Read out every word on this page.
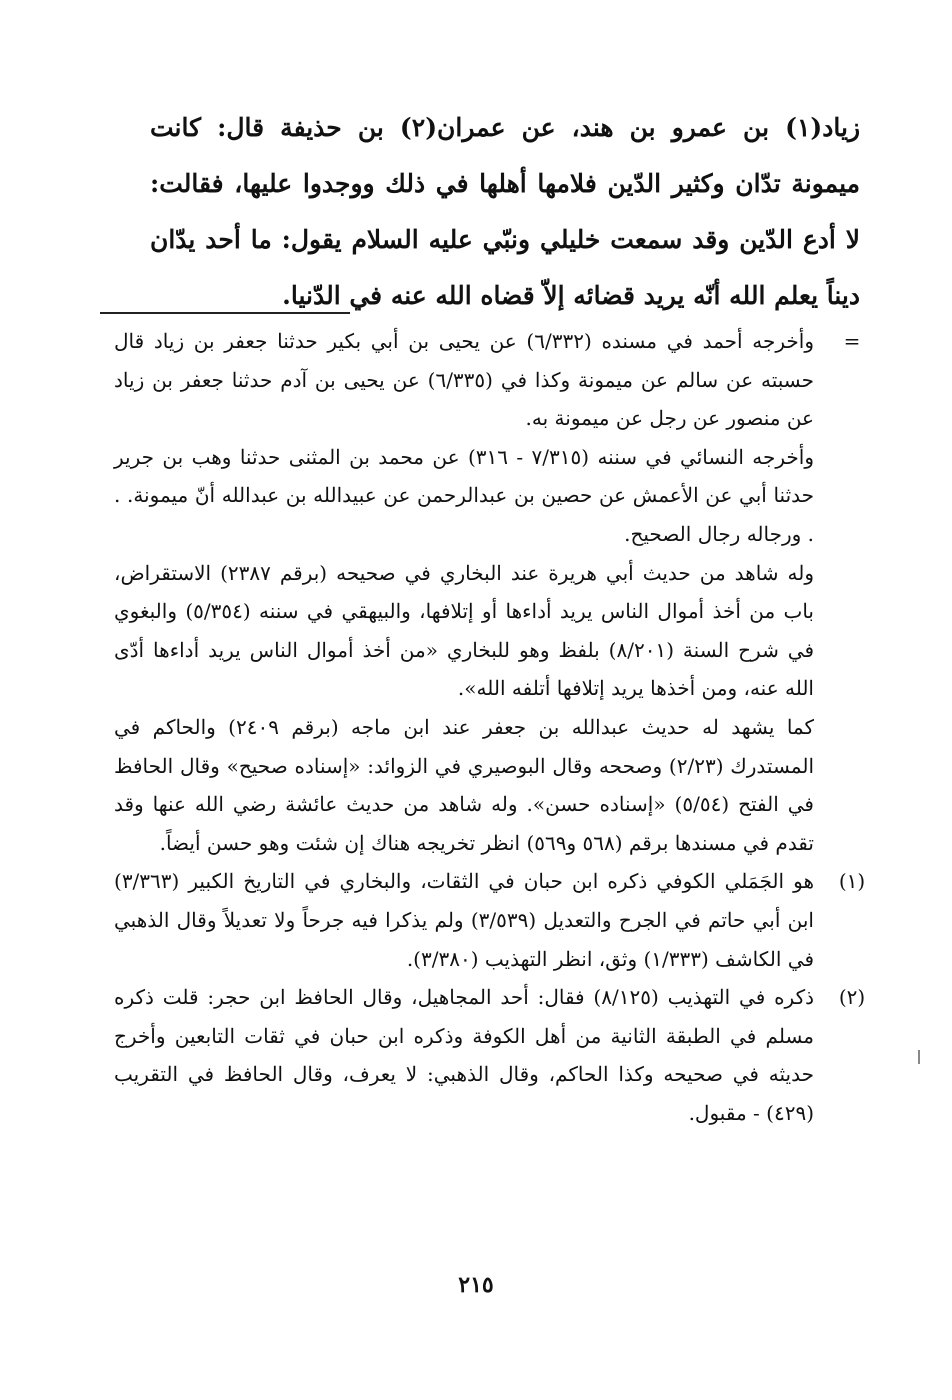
زياد(١) بن عمرو بن هند، عن عمران(٢) بن حذيفة قال: كانت ميمونة تدّان وكثير الدّين فلامها أهلها في ذلك ووجدوا عليها، فقالت: لا أدع الدّين وقد سمعت خليلي ونبّي عليه السلام يقول: ما أحد يدّان ديناً يعلم الله أنّه يريد قضائه إلاّ قضاه الله عنه في الدّنيا.

=

وأخرجه أحمد في مسنده (٦/٣٣٢) عن يحيى بن أبي بكير حدثنا جعفر بن زياد قال حسبته عن سالم عن ميمونة وكذا في (٦/٣٣٥) عن يحيى بن آدم حدثنا جعفر بن زياد عن منصور عن رجل عن ميمونة به.

وأخرجه النسائي في سننه (٧/٣١٥ - ٣١٦) عن محمد بن المثنى حدثنا وهب بن جرير حدثنا أبي عن الأعمش عن حصين بن عبدالرحمن عن عبيدالله بن عبدالله أنّ ميمونة. . . ورجاله رجال الصحيح.

وله شاهد من حديث أبي هريرة عند البخاري في صحيحه (برقم ٢٣٨٧) الاستقراض، باب من أخذ أموال الناس يريد أداءها أو إتلافها، والبيهقي في سننه (٥/٣٥٤) والبغوي في شرح السنة (٨/٢٠١) بلفظ وهو للبخاري «من أخذ أموال الناس يريد أداءها أدّى الله عنه، ومن أخذها يريد إتلافها أتلفه الله».

كما يشهد له حديث عبدالله بن جعفر عند ابن ماجه (برقم ٢٤٠٩) والحاكم في المستدرك (٢/٢٣) وصححه وقال البوصيري في الزوائد: «إسناده صحيح» وقال الحافظ في الفتح (٥/٥٤) «إسناده حسن». وله شاهد من حديث عائشة رضي الله عنها وقد تقدم في مسندها برقم (٥٦٨ و٥٦٩) انظر تخريجه هناك إن شئت وهو حسن أيضاً.

(١)

هو الجَمَلي الكوفي ذكره ابن حبان في الثقات، والبخاري في التاريخ الكبير (٣/٣٦٣) ابن أبي حاتم في الجرح والتعديل (٣/٥٣٩) ولم يذكرا فيه جرحاً ولا تعديلاً وقال الذهبي في الكاشف (١/٣٣٣) وثق، انظر التهذيب (٣/٣٨٠).

(٢)

ذكره في التهذيب (٨/١٢٥) فقال: أحد المجاهيل، وقال الحافظ ابن حجر: قلت ذكره مسلم في الطبقة الثانية من أهل الكوفة وذكره ابن حبان في ثقات التابعين وأخرج حديثه في صحيحه وكذا الحاكم، وقال الذهبي: لا يعرف، وقال الحافظ في التقريب (٤٢٩) - مقبول.

٢١٥
